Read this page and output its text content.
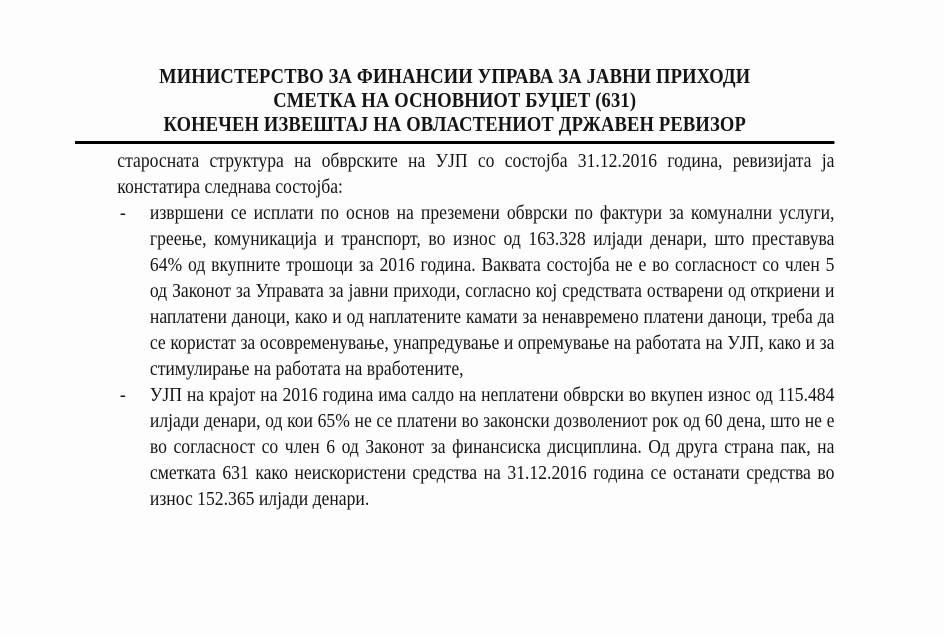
МИНИСТЕРСТВО ЗА ФИНАНСИИ УПРАВА ЗА ЈАВНИ ПРИХОДИ
СМЕТКА НА ОСНОВНИОТ БУЏЕТ (631)
КОНЕЧЕН ИЗВЕШТАЈ НА ОВЛАСТЕНИОТ ДРЖАВЕН РЕВИЗОР

старосната структура на обврските на УЈП со состојба 31.12.2016 година, ревизијата ја констатира следнава состојба:

- извршени се исплати по основ на преземени обврски по фактури за комунални услуги, греење, комуникација и транспорт, во износ од 163.328 илјади денари, што преставува 64% од вкупните трошоци за 2016 година. Ваквата состојба не е во согласност со член 5 од Законот за Управата за јавни приходи, согласно кој средствата остварени од откриени и наплатени даноци, како и од наплатените камати за ненавремено платени даноци, треба да се користат за осовременување, унапредување и опремување на работата на УЈП, како и за стимулирање на работата на вработените,
- УЈП на крајот на 2016 година има салдо на неплатени обврски во вкупен износ од 115.484 илјади денари, од кои 65% не се платени во законски дозволениот рок од 60 дена, што не е во согласност со член 6 од Законот за финансиска дисциплина. Од друга страна пак, на сметката 631 како неискористени средства на 31.12.2016 година се останати средства во износ 152.365 илјади денари.
